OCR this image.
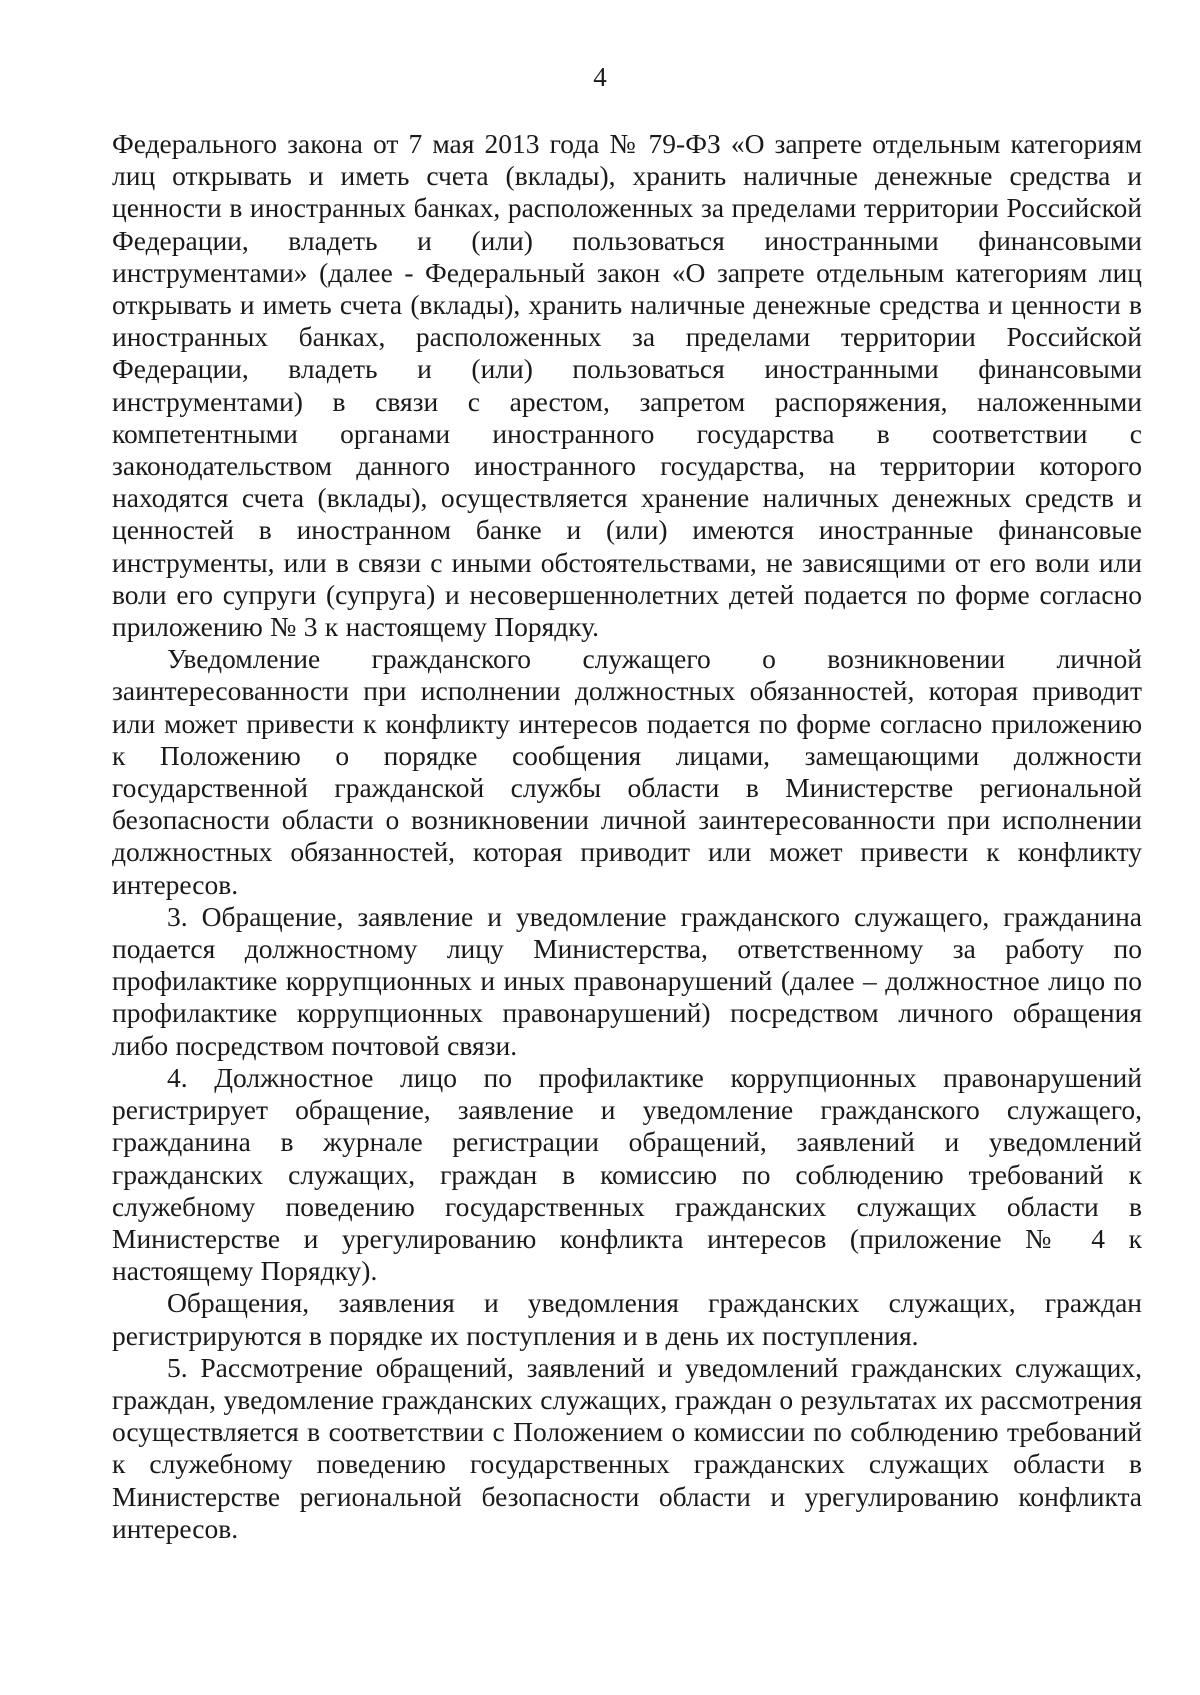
4

Федерального закона от 7 мая 2013 года № 79-ФЗ «О запрете отдельным категориям лиц открывать и иметь счета (вклады), хранить наличные денежные средства и ценности в иностранных банках, расположенных за пределами территории Российской Федерации, владеть и (или) пользоваться иностранными финансовыми инструментами» (далее - Федеральный закон «О запрете отдельным категориям лиц открывать и иметь счета (вклады), хранить наличные денежные средства и ценности в иностранных банках, расположенных за пределами территории Российской Федерации, владеть и (или) пользоваться иностранными финансовыми инструментами) в связи с арестом, запретом распоряжения, наложенными компетентными органами иностранного государства в соответствии с законодательством данного иностранного государства, на территории которого находятся счета (вклады), осуществляется хранение наличных денежных средств и ценностей в иностранном банке и (или) имеются иностранные финансовые инструменты, или в связи с иными обстоятельствами, не зависящими от его воли или воли его супруги (супруга) и несовершеннолетних детей подается по форме согласно приложению № 3 к настоящему Порядку.

Уведомление гражданского служащего о возникновении личной заинтересованности при исполнении должностных обязанностей, которая приводит или может привести к конфликту интересов подается по форме согласно приложению к Положению о порядке сообщения лицами, замещающими должности государственной гражданской службы области в Министерстве региональной безопасности области о возникновении личной заинтересованности при исполнении должностных обязанностей, которая приводит или может привести к конфликту интересов.

3. Обращение, заявление и уведомление гражданского служащего, гражданина подается должностному лицу Министерства, ответственному за работу по профилактике коррупционных и иных правонарушений (далее – должностное лицо по профилактике коррупционных правонарушений) посредством личного обращения либо посредством почтовой связи.

4. Должностное лицо по профилактике коррупционных правонарушений регистрирует обращение, заявление и уведомление гражданского служащего, гражданина в журнале регистрации обращений, заявлений и уведомлений гражданских служащих, граждан в комиссию по соблюдению требований к служебному поведению государственных гражданских служащих области в Министерстве и урегулированию конфликта интересов (приложение № 4 к настоящему Порядку).

Обращения, заявления и уведомления гражданских служащих, граждан регистрируются в порядке их поступления и в день их поступления.

5. Рассмотрение обращений, заявлений и уведомлений гражданских служащих, граждан, уведомление гражданских служащих, граждан о результатах их рассмотрения осуществляется в соответствии с Положением о комиссии по соблюдению требований к служебному поведению государственных гражданских служащих области в Министерстве региональной безопасности области и урегулированию конфликта интересов.
